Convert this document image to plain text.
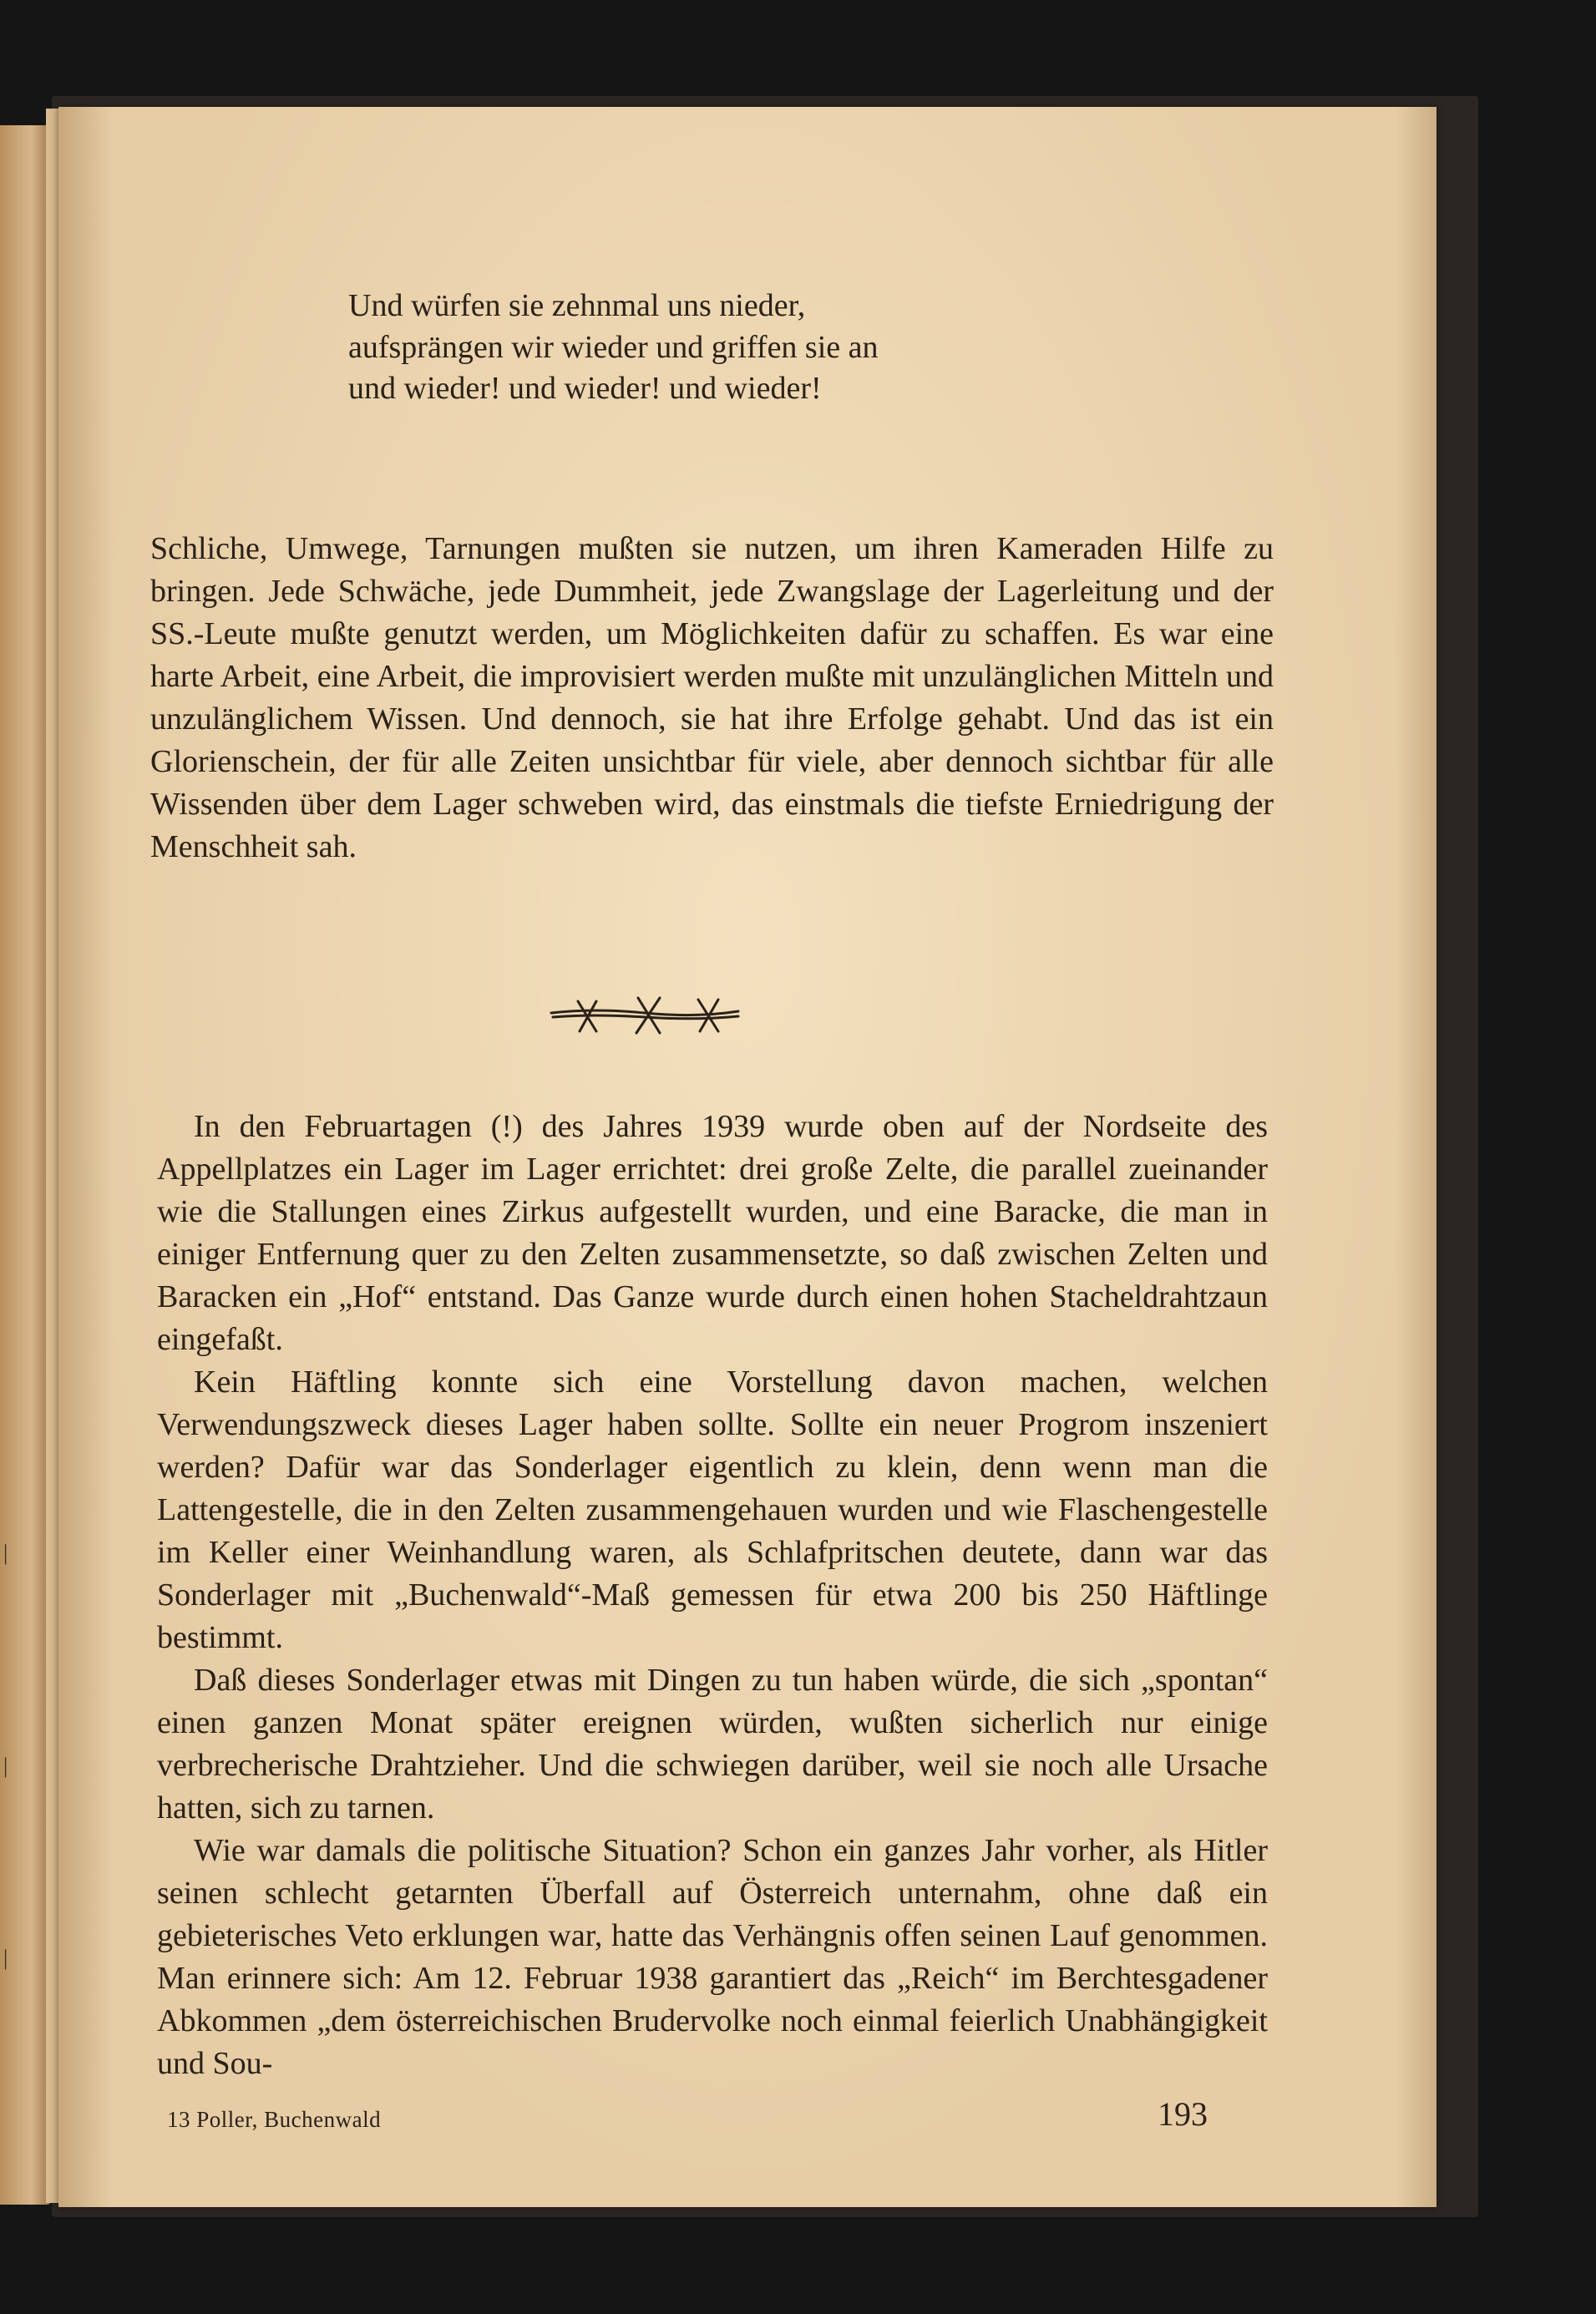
|
|
|
Und würfen sie zehnmal uns nieder,
aufsprängen wir wieder und griffen sie an
und wieder! und wieder! und wieder!

Schliche, Umwege, Tarnungen mußten sie nutzen, um ihren Kameraden Hilfe zu bringen. Jede Schwäche, jede Dummheit, jede Zwangslage der Lagerleitung und der SS.-Leute mußte genutzt werden, um Möglichkeiten dafür zu schaffen. Es war eine harte Arbeit, eine Arbeit, die improvisiert werden mußte mit unzulänglichen Mitteln und unzulänglichem Wissen. Und dennoch, sie hat ihre Erfolge gehabt. Und das ist ein Glorienschein, der für alle Zeiten unsichtbar für viele, aber dennoch sichtbar für alle Wissenden über dem Lager schweben wird, das einstmals die tiefste Erniedrigung der Menschheit sah.

In den Februartagen (!) des Jahres 1939 wurde oben auf der Nordseite des Appellplatzes ein Lager im Lager errichtet: drei große Zelte, die parallel zueinander wie die Stallungen eines Zirkus aufgestellt wurden, und eine Baracke, die man in einiger Entfernung quer zu den Zelten zusammensetzte, so daß zwischen Zelten und Baracken ein „Hof“ entstand. Das Ganze wurde durch einen hohen Stacheldrahtzaun eingefaßt.

Kein Häftling konnte sich eine Vorstellung davon machen, welchen Verwendungszweck dieses Lager haben sollte. Sollte ein neuer Progrom inszeniert werden? Dafür war das Sonderlager eigentlich zu klein, denn wenn man die Lattengestelle, die in den Zelten zusammengehauen wurden und wie Flaschengestelle im Keller einer Weinhandlung waren, als Schlafpritschen deutete, dann war das Sonderlager mit „Buchenwald“-Maß gemessen für etwa 200 bis 250 Häftlinge bestimmt.

Daß dieses Sonderlager etwas mit Dingen zu tun haben würde, die sich „spontan“ einen ganzen Monat später ereignen würden, wußten sicherlich nur einige verbrecherische Drahtzieher. Und die schwiegen darüber, weil sie noch alle Ursache hatten, sich zu tarnen.

Wie war damals die politische Situation? Schon ein ganzes Jahr vorher, als Hitler seinen schlecht getarnten Überfall auf Österreich unternahm, ohne daß ein gebieterisches Veto erklungen war, hatte das Verhängnis offen seinen Lauf genommen. Man erinnere sich: Am 12. Februar 1938 garantiert das „Reich“ im Berchtesgadener Abkommen „dem österreichischen Brudervolke noch einmal feierlich Unabhängigkeit und Sou-

13 Poller, Buchenwald	193
